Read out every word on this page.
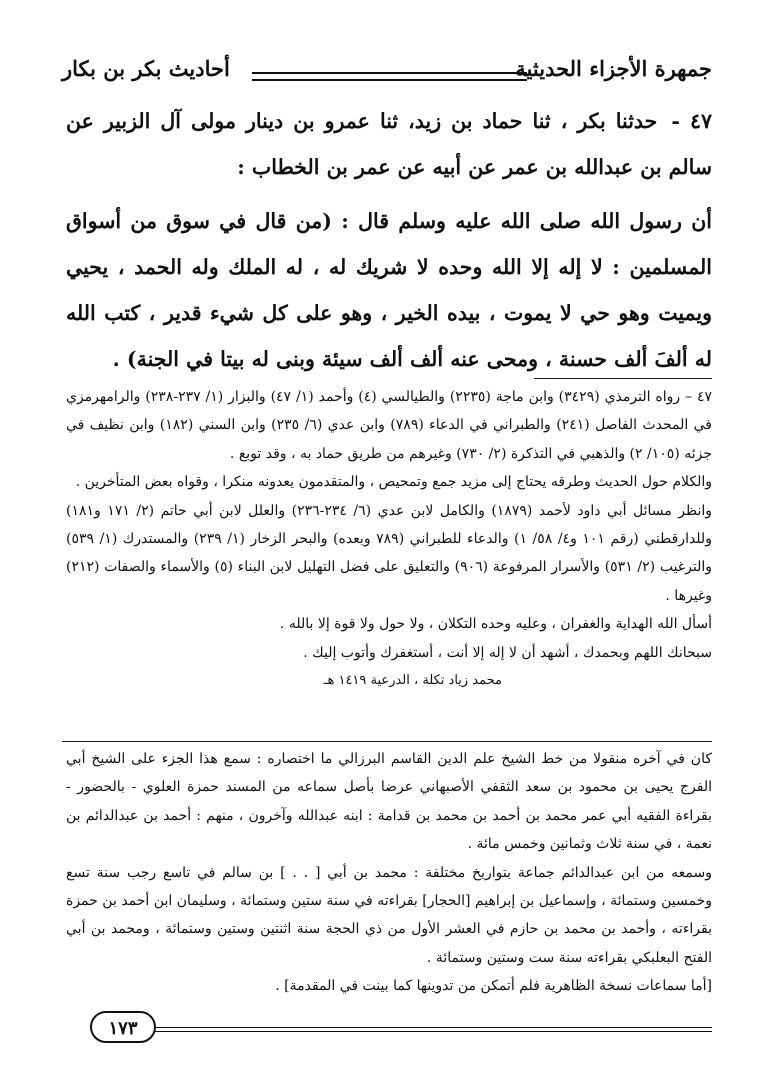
جمهرة الأجزاء الحديثية
أحاديث بكر بن بكار
٤٧ - حدثنا بكر ، ثنا حماد بن زيد، ثنا عمرو بن دينار مولى آل الزبير عن سالم بن عبدالله بن عمر عن أبيه عن عمر بن الخطاب :
أن رسول الله صلى الله عليه وسلم قال : (من قال في سوق من أسواق المسلمين : لا إله إلا الله وحده لا شريك له ، له الملك وله الحمد ، يحيي ويميت وهو حي لا يموت ، بيده الخير ، وهو على كل شيء قدير ، كتب الله له ألفَ ألف حسنة ، ومحى عنه ألف ألف سيئة وبنى له بيتا في الجنة) .

٤٧ – رواه الترمذي (٣٤٢٩) وابن ماجة (٢٢٣٥) والطيالسي (٤) وأحمد (١/ ٤٧) والبزار (١/ ٢٣٧-٢٣٨) والرامهرمزي في المحدث الفاصل (٢٤١) والطبراني في الدعاء (٧٨٩) وابن عدي (٦/ ٢٣٥) وابن السني (١٨٢) وابن نظيف في جزئه (١٠٥/ ٢) والذهبي في التذكرة (٢/ ٧٣٠) وغيرهم من طريق حماد به ، وقد توبع .

والكلام حول الحديث وطرقه يحتاج إلى مزيد جمع وتمحيص ، والمتقدمون يعدونه منكرا ، وقواه بعض المتأخرين .

وانظر مسائل أبي داود لأحمد (١٨٧٩) والكامل لابن عدي (٦/ ٢٣٤-٢٣٦) والعلل لابن أبي حاتم (٢/ ١٧١ و١٨١) وللدارقطني (رقم ١٠١ و٤/ ٥٨/ ١) والدعاء للطبراني (٧٨٩ وبعده) والبحر الزخار (١/ ٢٣٩) والمستدرك (١/ ٥٣٩) والترغيب (٢/ ٥٣١) والأسرار المرفوعة (٩٠٦) والتعليق على فضل التهليل لابن البناء (٥) والأسماء والصفات (٢١٢) وغيرها .

أسأل الله الهداية والغفران ، وعليه وحده التكلان ، ولا حول ولا قوة إلا بالله .

سبحانك اللهم وبحمدك ، أشهد أن لا إله إلا أنت ، أستغفرك وأتوب إليك .

محمد زياد تكلة ، الدرعية ١٤١٩ هـ

كان في آخره منقولا من خط الشيخ علم الدين القاسم البرزالي ما اختصاره : سمع هذا الجزء على الشيخ أبي الفرج يحيى بن محمود بن سعد الثقفي الأصبهاني عرضا بأصل سماعه من المسند حمزة العلوي - بالحضور - بقراءة الفقيه أبي عمر محمد بن أحمد بن محمد بن قدامة : ابنه عبدالله وآخرون ، منهم : أحمد بن عبدالدائم بن نعمة ، في سنة ثلاث وثمانين وخمس مائة .

وسمعه من ابن عبدالدائم جماعة بتواريخ مختلفة : محمد بن أبي [ . . ] بن سالم في تاسع رجب سنة تسع وخمسين وستمائة ، وإسماعيل بن إبراهيم [الحجار] بقراءته في سنة ستين وستمائة ، وسليمان ابن أحمد بن حمزة بقراءته ، وأحمد بن محمد بن حازم في العشر الأول من ذي الحجة سنة اثنتين وستين وستمائة ، ومحمد بن أبي الفتح البعلبكي بقراءته سنة ست وستين وستمائة .

[أما سماعات نسخة الظاهرية فلم أتمكن من تدوينها كما بينت في المقدمة] .

١٧٣
